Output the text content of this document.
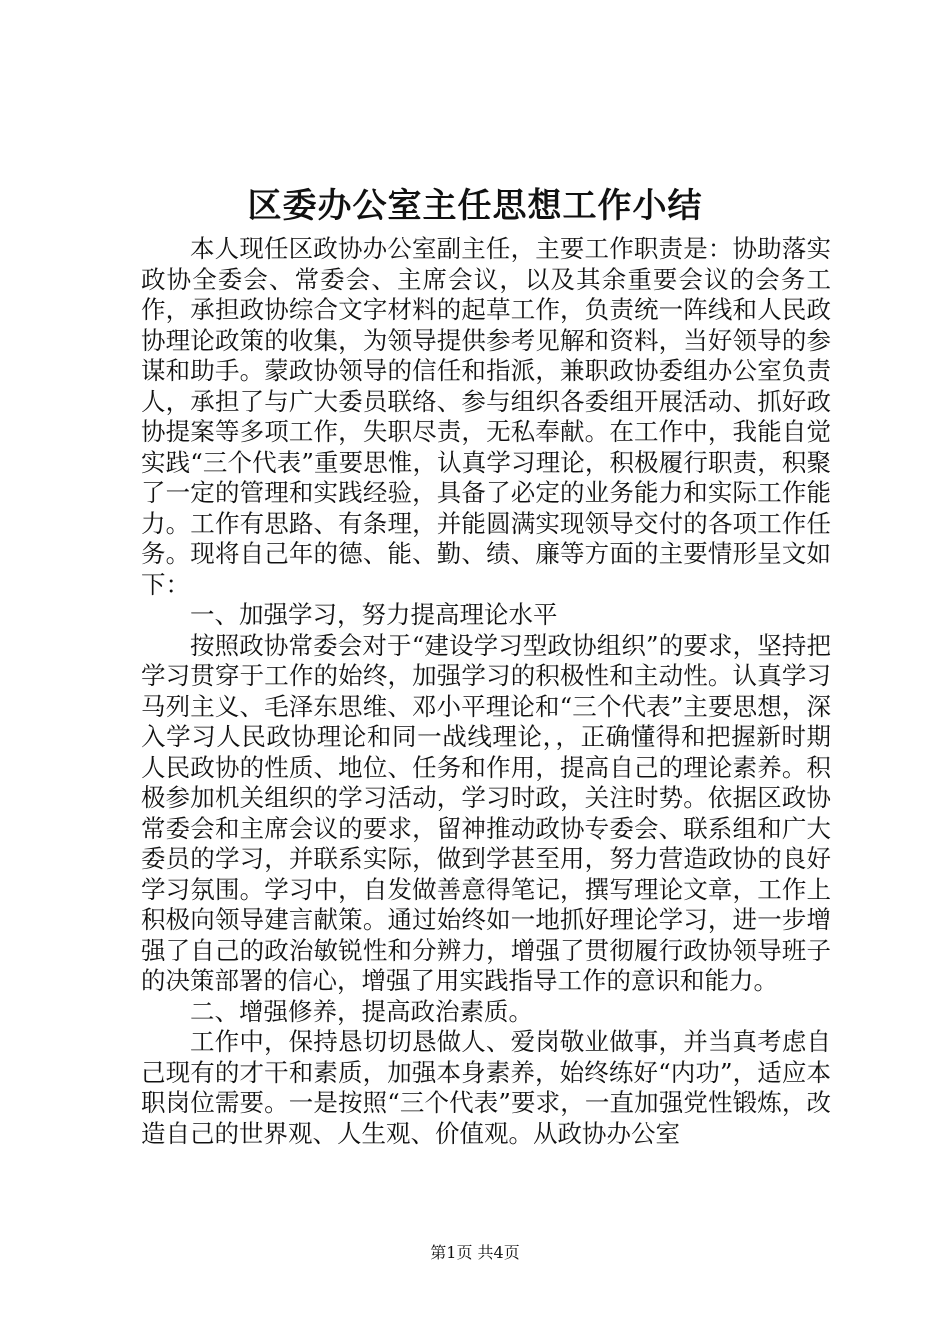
区委办公室主任思想工作小结

本人现任区政协办公室副主任，主要工作职责是：协助落实政协全委会、常委会、主席会议，以及其余重要会议的会务工作，承担政协综合文字材料的起草工作，负责统一阵线和人民政协理论政策的收集，为领导提供参考见解和资料，当好领导的参谋和助手。蒙政协领导的信任和指派，兼职政协委组办公室负责人，承担了与广大委员联络、参与组织各委组开展活动、抓好政协提案等多项工作，失职尽责，无私奉献。在工作中，我能自觉实践“三个代表”重要思惟，认真学习理论，积极履行职责，积聚了一定的管理和实践经验，具备了必定的业务能力和实际工作能力。工作有思路、有条理，并能圆满实现领导交付的各项工作任务。现将自己年的德、能、勤、绩、廉等方面的主要情形呈文如下：

一、加强学习，努力提高理论水平

按照政协常委会对于“建设学习型政协组织”的要求，坚持把学习贯穿于工作的始终，加强学习的积极性和主动性。认真学习马列主义、毛泽东思维、邓小平理论和“三个代表”主要思想，深入学习人民政协理论和同一战线理论，，正确懂得和把握新时期人民政协的性质、地位、任务和作用，提高自己的理论素养。积极参加机关组织的学习活动，学习时政，关注时势。依据区政协常委会和主席会议的要求，留神推动政协专委会、联系组和广大委员的学习，并联系实际，做到学甚至用，努力营造政协的良好学习氛围。学习中，自发做善意得笔记，撰写理论文章，工作上积极向领导建言献策。通过始终如一地抓好理论学习，进一步增强了自己的政治敏锐性和分辨力，增强了贯彻履行政协领导班子的决策部署的信心，增强了用实践指导工作的意识和能力。

二、增强修养，提高政治素质。

工作中，保持恳切切恳做人、爱岗敬业做事，并当真考虑自己现有的才干和素质，加强本身素养，始终练好“内功”，适应本职岗位需要。一是按照“三个代表”要求，一直加强党性锻炼，改造自己的世界观、人生观、价值观。从政协办公室

第1页 共4页
